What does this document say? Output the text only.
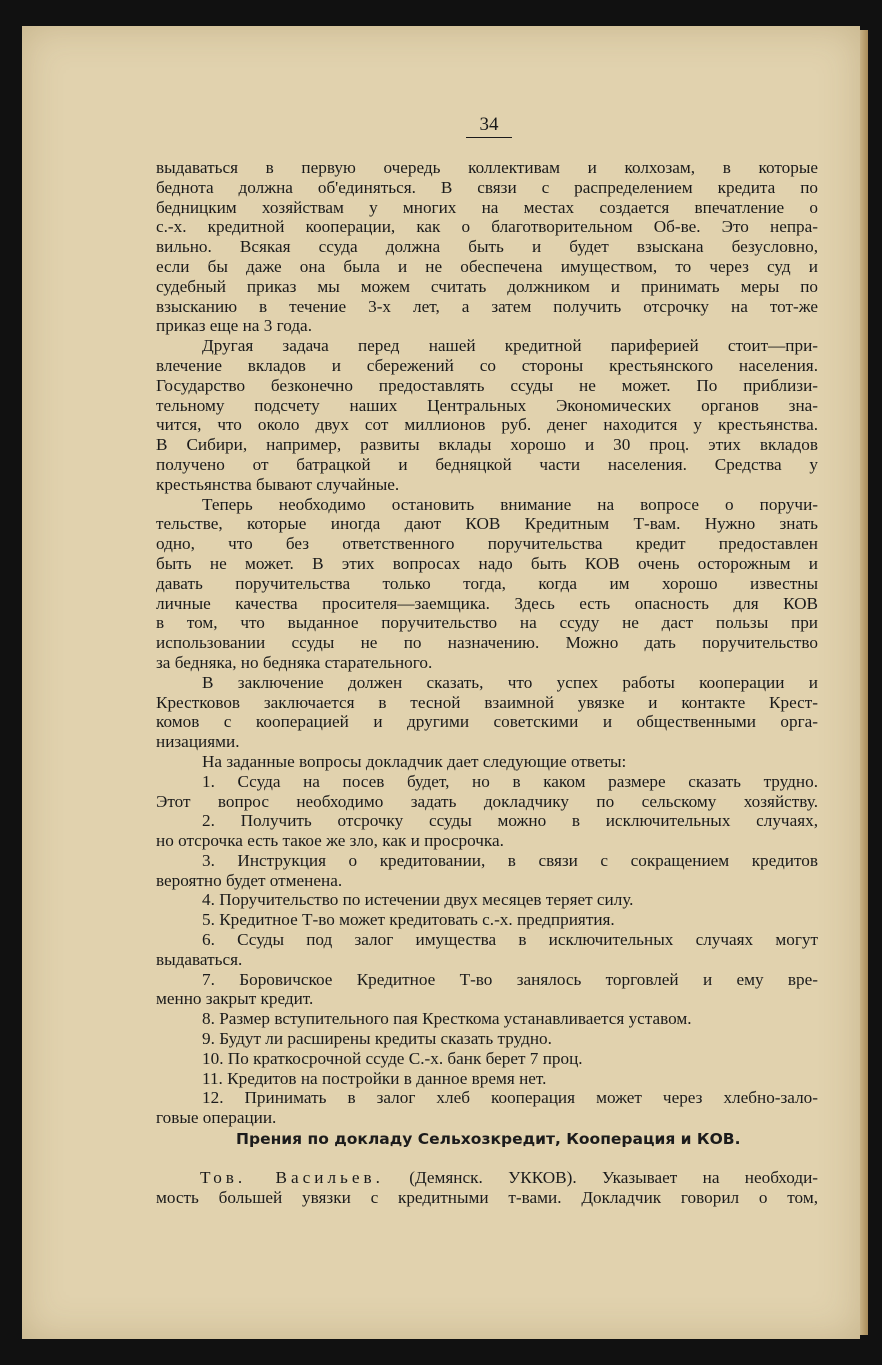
34
выдаваться в первую очередь коллективам и колхозам, в которые
беднота должна об'единяться. В связи с распределением кредита по
бедницким хозяйствам у многих на местах создается впечатление о
с.-х. кредитной кооперации, как о благотворительном Об-ве. Это непра-
вильно. Всякая ссуда должна быть и будет взыскана безусловно,
если бы даже она была и не обеспечена имуществом, то через суд и
судебный приказ мы можем считать должником и принимать меры по
взысканию в течение 3-х лет, а затем получить отсрочку на тот-же
приказ еще на 3 года.
Другая задача перед нашей кредитной париферией стоит—при-
влечение вкладов и сбережений со стороны крестьянского населения.
Государство безконечно предоставлять ссуды не может. По приблизи-
тельному подсчету наших Центральных Экономических органов зна-
чится, что около двух сот миллионов руб. денег находится у крестьянства.
В Сибири, например, развиты вклады хорошо и 30 проц. этих вкладов
получено от батрацкой и бедняцкой части населения. Средства у
крестьянства бывают случайные.
Теперь необходимо остановить внимание на вопросе о поручи-
тельстве, которые иногда дают КОВ Кредитным Т-вам. Нужно знать
одно, что без ответственного поручительства кредит предоставлен
быть не может. В этих вопросах надо быть КОВ очень осторожным и
давать поручительства только тогда, когда им хорошо известны
личные качества просителя—заемщика. Здесь есть опасность для КОВ
в том, что выданное поручительство на ссуду не даст пользы при
использовании ссуды не по назначению. Можно дать поручительство
за бедняка, но бедняка старательного.
В заключение должен сказать, что успех работы кооперации и
Крестковов заключается в тесной взаимной увязке и контакте Крест-
комов с кооперацией и другими советскими и общественными орга-
низациями.
На заданные вопросы докладчик дает следующие ответы:
1. Ссуда на посев будет, но в каком размере сказать трудно.
Этот вопрос необходимо задать докладчику по сельскому хозяйству.
2. Получить отсрочку ссуды можно в исключительных случаях,
но отсрочка есть такое же зло, как и просрочка.
3. Инструкция о кредитовании, в связи с сокращением кредитов
вероятно будет отменена.
4. Поручительство по истечении двух месяцев теряет силу.
5. Кредитное Т-во может кредитовать с.-х. предприятия.
6. Ссуды под залог имущества в исключительных случаях могут
выдаваться.
7. Боровичское Кредитное Т-во занялось торговлей и ему вре-
менно закрыт кредит.
8. Размер вступительного пая Кресткома устанавливается уставом.
9. Будут ли расширены кредиты сказать трудно.
10. По краткосрочной ссуде С.-х. банк берет 7 проц.
11. Кредитов на постройки в данное время нет.
12. Принимать в залог хлеб кооперация может через хлебно-зало-
говые операции.
Прения по докладу Сельхозкредит, Кооперация и КОВ.
Тов. Васильев. (Демянск. УККОВ). Указывает на необходи-
мость большей увязки с кредитными т-вами. Докладчик говорил о том,
